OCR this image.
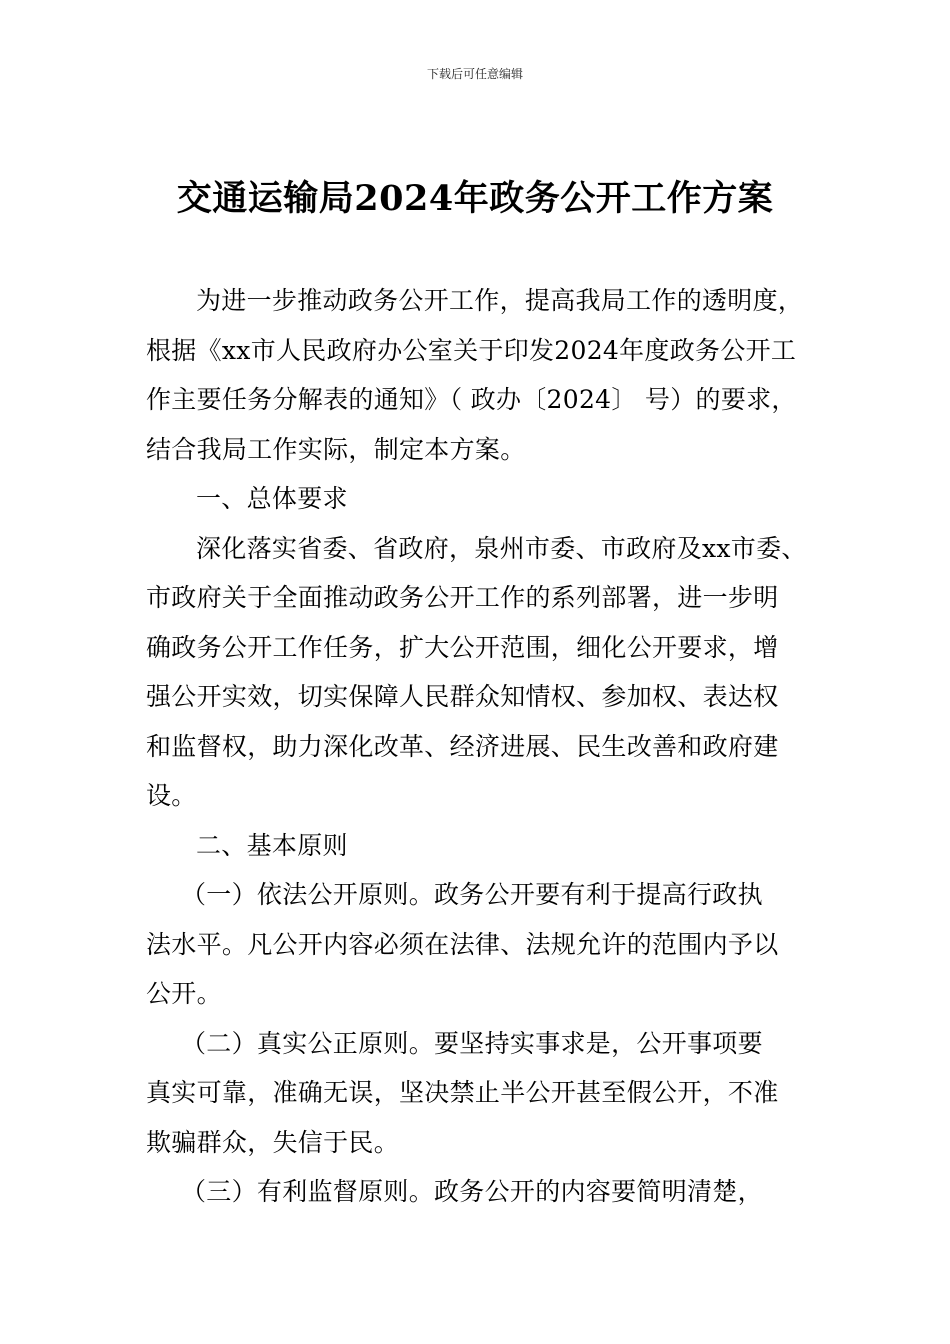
下载后可任意编辑
交通运输局2024年政务公开工作方案
为进一步推动政务公开工作，提高我局工作的透明度，
根据《xx市人民政府办公室关于印发2024年度政务公开工
作主要任务分解表的通知》（ 政办〔2024〕 号）的要求，
结合我局工作实际，制定本方案。
一、总体要求
深化落实省委、省政府，泉州市委、市政府及xx市委、
市政府关于全面推动政务公开工作的系列部署，进一步明
确政务公开工作任务，扩大公开范围，细化公开要求，增
强公开实效，切实保障人民群众知情权、参加权、表达权
和监督权，助力深化改革、经济进展、民生改善和政府建
设。
二、基本原则
（一）依法公开原则。政务公开要有利于提高行政执
法水平。凡公开内容必须在法律、法规允许的范围内予以
公开。
（二）真实公正原则。要坚持实事求是，公开事项要
真实可靠，准确无误，坚决禁止半公开甚至假公开，不准
欺骗群众，失信于民。
（三）有利监督原则。政务公开的内容要简明清楚，
